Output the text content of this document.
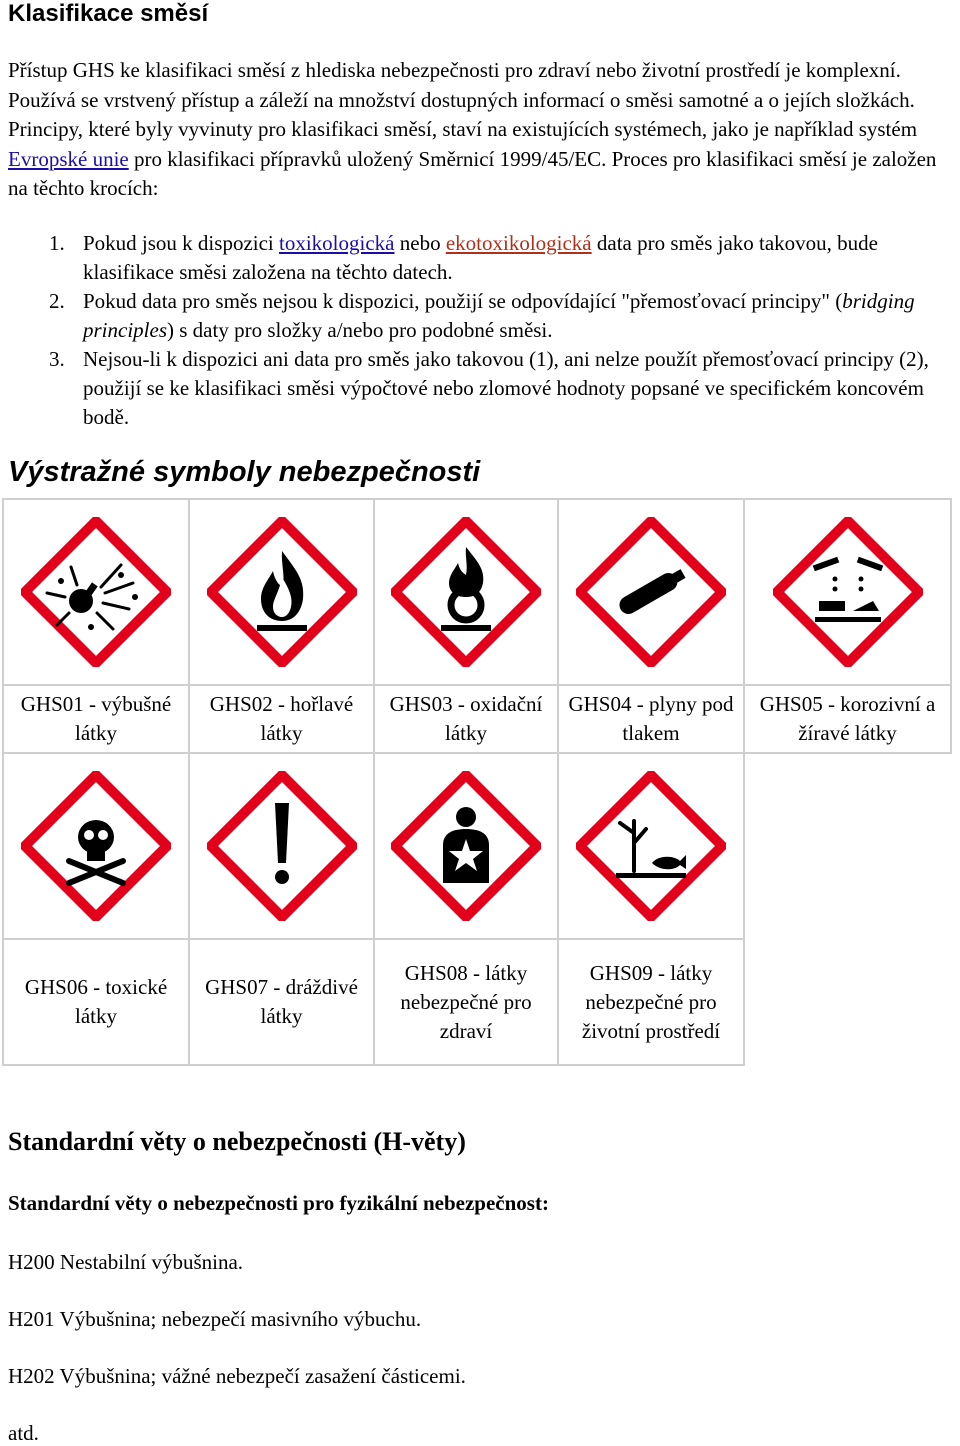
Klasifikace směsí

Přístup GHS ke klasifikaci směsí z hlediska nebezpečnosti pro zdraví nebo životní prostředí je komplexní. Používá se vrstvený přístup a záleží na množství dostupných informací o směsi samotné a o jejích složkách. Principy, které byly vyvinuty pro klasifikaci směsí, staví na existujících systémech, jako je například systém Evropské unie pro klasifikaci přípravků uložený Směrnicí 1999/45/EC. Proces pro klasifikaci směsí je založen na těchto krocích:

1. Pokud jsou k dispozici toxikologická nebo ekotoxikologická data pro směs jako takovou, bude klasifikace směsi založena na těchto datech.
2. Pokud data pro směs nejsou k dispozici, použijí se odpovídající "přemosťovací principy" (bridging principles) s daty pro složky a/nebo pro podobné směsi.
3. Nejsou-li k dispozici ani data pro směs jako takovou (1), ani nelze použít přemosťovací principy (2), použijí se ke klasifikaci směsi výpočtové nebo zlomové hodnoty popsané ve specifickém koncovém bodě.
Výstražné symboly nebezpečnosti

GHS01 - výbušné látky	GHS02 - hořlavé látky	GHS03 - oxidační látky	GHS04 - plyny pod tlakem	GHS05 - korozivní a žíravé látky

GHS06 - toxické látky	GHS07 - dráždivé látky	GHS08 - látky nebezpečné pro zdraví	GHS09 - látky nebezpečné pro životní prostředí	
Standardní věty o nebezpečnosti (H-věty)
Standardní věty o nebezpečnosti pro fyzikální nebezpečnost:
H200 Nestabilní výbušnina.
H201 Výbušnina; nebezpečí masivního výbuchu.
H202 Výbušnina; vážné nebezpečí zasažení částicemi.
atd.
